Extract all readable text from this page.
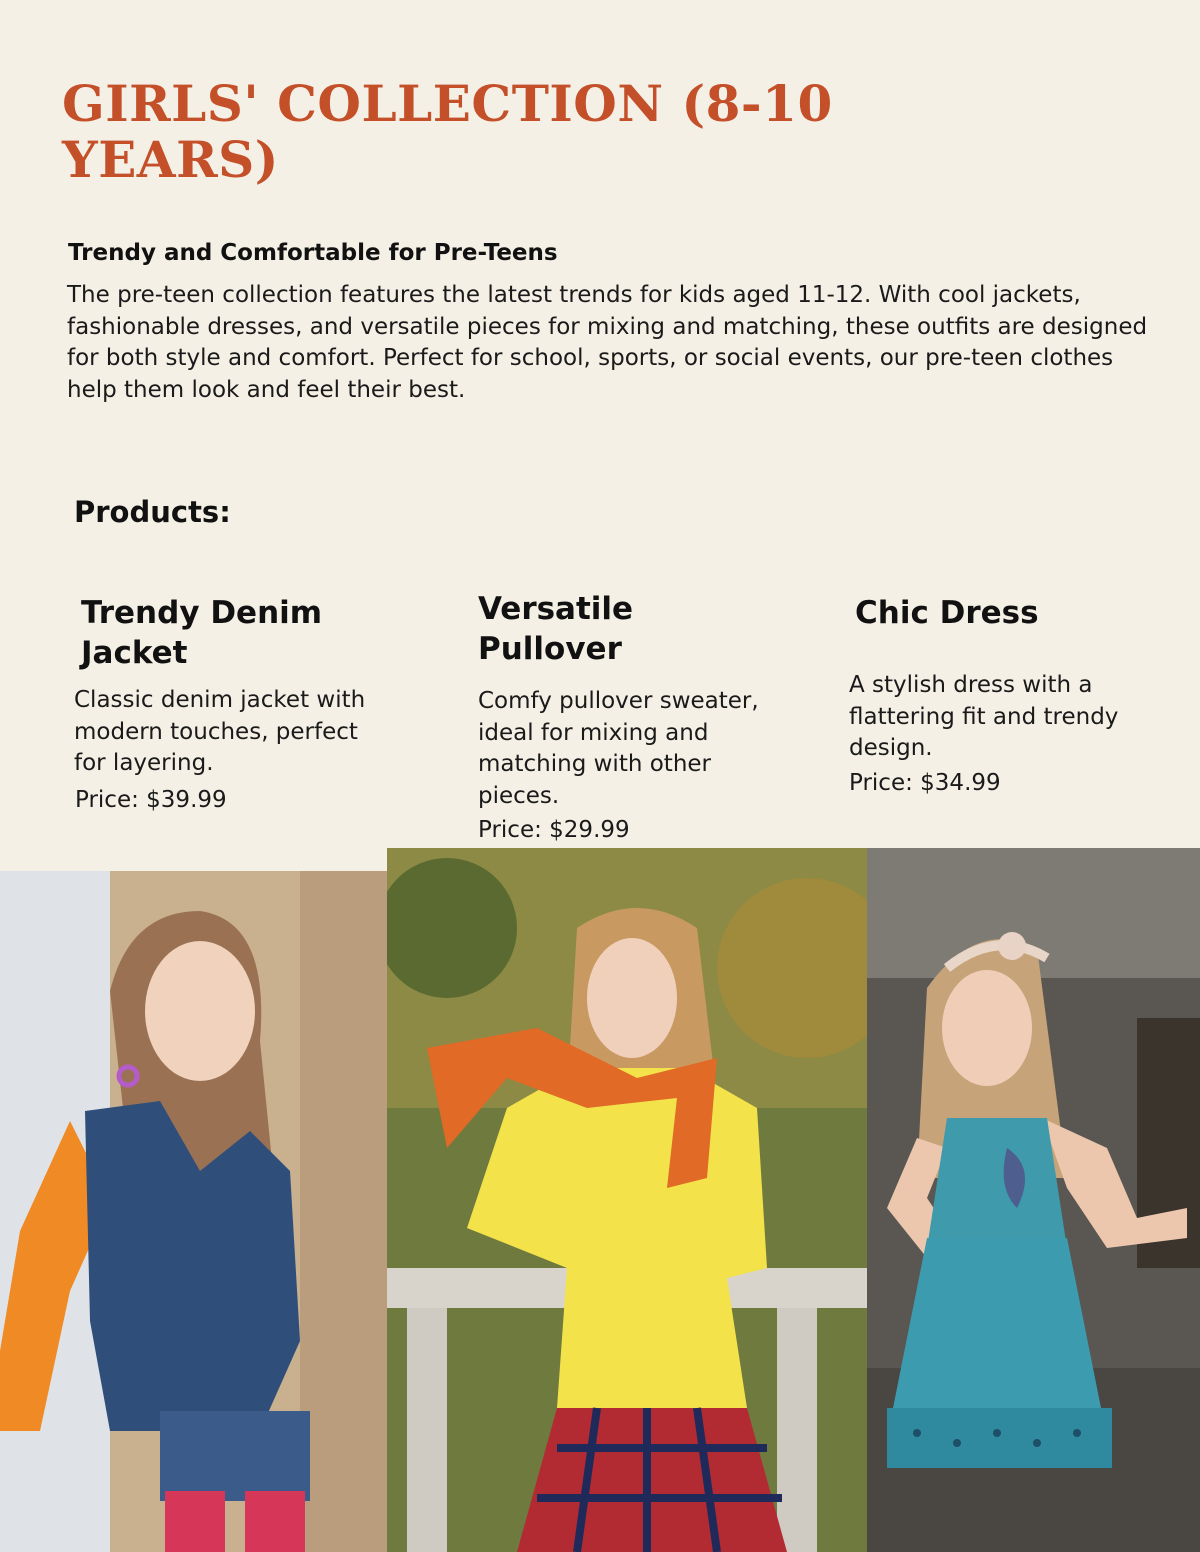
GIRLS' COLLECTION (8-10 YEARS)
Trendy and Comfortable for Pre-Teens

The pre-teen collection features the latest trends for kids aged 11-12. With cool jackets, fashionable dresses, and versatile pieces for mixing and matching, these outfits are designed for both style and comfort. Perfect for school, sports, or social events, our pre-teen clothes help them look and feel their best.

Products:
Trendy Denim Jacket

Classic denim jacket with modern touches, perfect for layering.

Price: $39.99

Versatile Pullover

Comfy pullover sweater, ideal for mixing and matching with other pieces.

Price: $29.99

Chic Dress

A stylish dress with a flattering fit and trendy design.

Price: $34.99
